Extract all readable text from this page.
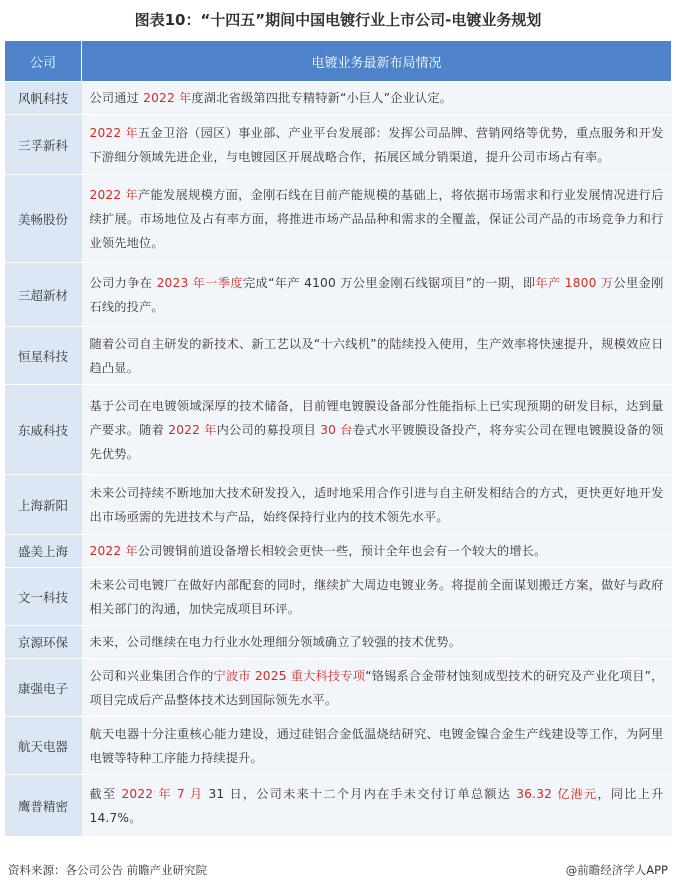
图表10：“十四五”期间中国电镀行业上市公司-电镀业务规划
公司	电镀业务最新布局情况
风帆科技	公司通过 2022 年度湖北省级第四批专精特新“小巨人”企业认定。
三孚新科	2022 年五金卫浴（园区）事业部、产业平台发展部：发挥公司品牌、营销网络等优势，重点服务和开发下游细分领域先进企业，与电镀园区开展战略合作，拓展区域分销渠道，提升公司市场占有率。
美畅股份	2022 年产能发展规模方面，金刚石线在目前产能规模的基础上，将依据市场需求和行业发展情况进行后续扩展。市场地位及占有率方面，将推进市场产品品种和需求的全覆盖，保证公司产品的市场竞争力和行业领先地位。
三超新材	公司力争在 2023 年一季度完成“年产 4100 万公里金刚石线锯项目”的一期，即年产 1800 万公里金刚石线的投产。
恒星科技	随着公司自主研发的新技术、新工艺以及“十六线机”的陆续投入使用，生产效率将快速提升，规模效应日趋凸显。
东威科技	基于公司在电镀领域深厚的技术储备，目前锂电镀膜设备部分性能指标上已实现预期的研发目标，达到量产要求。随着 2022 年内公司的募投项目 30 台卷式水平镀膜设备投产，将夯实公司在锂电镀膜设备的领先优势。
上海新阳	未来公司持续不断地加大技术研发投入，适时地采用合作引进与自主研发相结合的方式，更快更好地开发出市场亟需的先进技术与产品，始终保持行业内的技术领先水平。
盛美上海	2022 年公司镀铜前道设备增长相较会更快一些，预计全年也会有一个较大的增长。
文一科技	未来公司电镀厂在做好内部配套的同时，继续扩大周边电镀业务。将提前全面谋划搬迁方案，做好与政府相关部门的沟通，加快完成项目环评。
京源环保	未来，公司继续在电力行业水处理细分领域确立了较强的技术优势。
康强电子	公司和兴业集团合作的宁波市 2025 重大科技专项“铬锡系合金带材蚀刻成型技术的研究及产业化项目”，项目完成后产品整体技术达到国际领先水平。
航天电器	航天电器十分注重核心能力建设，通过硅铝合金低温烧结研究、电镀金镍合金生产线建设等工作，为阿里电镀等特种工序能力持续提升。
鹰普精密	截至 2022 年 7 月 31 日，公司未来十二个月内在手未交付订单总额达 36.32 亿港元，同比上升 14.7%。
资料来源：各公司公告 前瞻产业研究院	@前瞻经济学人APP
